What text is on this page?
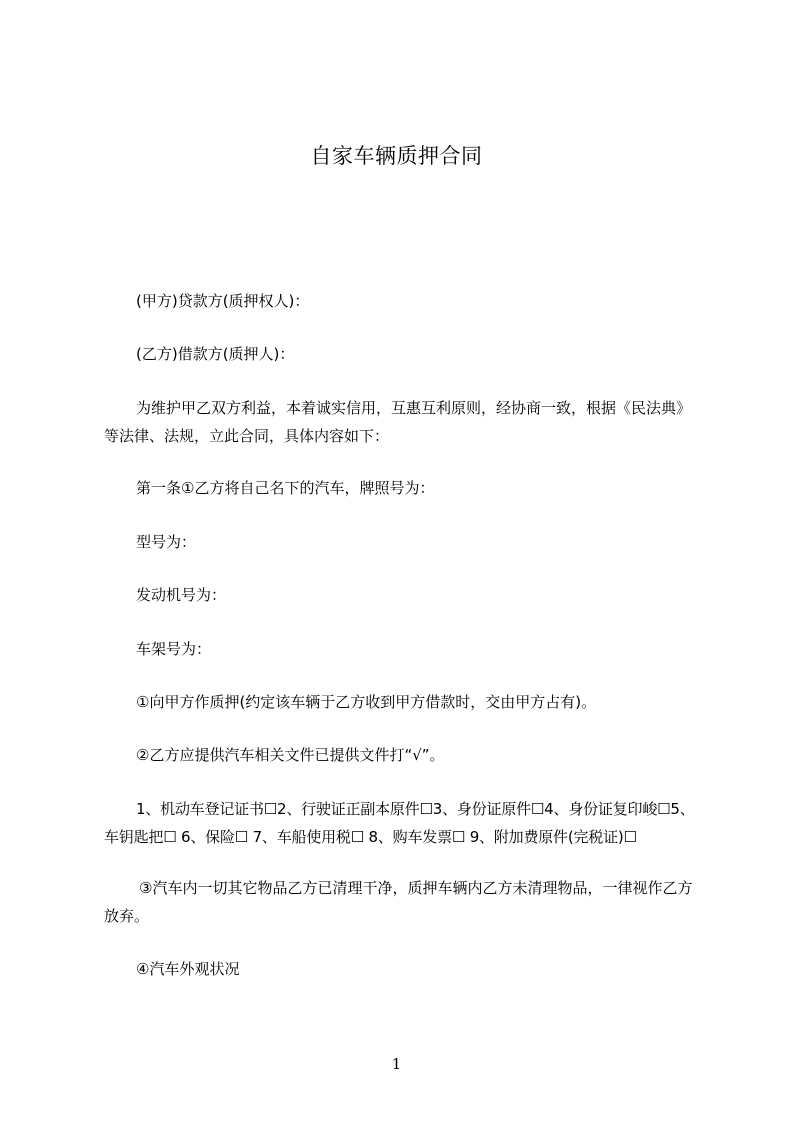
自家车辆质押合同
(甲方)贷款方(质押权人)：
(乙方)借款方(质押人)：
为维护甲乙双方利益，本着诚实信用，互惠互利原则，经协商一致，根据《民法典》等法律、法规，立此合同，具体内容如下：
第一条①乙方将自己名下的汽车，牌照号为：
型号为：
发动机号为：
车架号为：
①向甲方作质押(约定该车辆于乙方收到甲方借款时，交由甲方占有)。
②乙方应提供汽车相关文件已提供文件打“√”。
1、机动车登记证书☐2、行驶证正副本原件☐3、身份证原件☐4、身份证复印峻☐5、车钥匙把☐ 6、保险☐ 7、车船使用税☐ 8、购车发票☐ 9、附加费原件(完税证)☐
③汽车内一切其它物品乙方已清理干净，质押车辆内乙方未清理物品，一律视作乙方放弃。
④汽车外观状况
1
